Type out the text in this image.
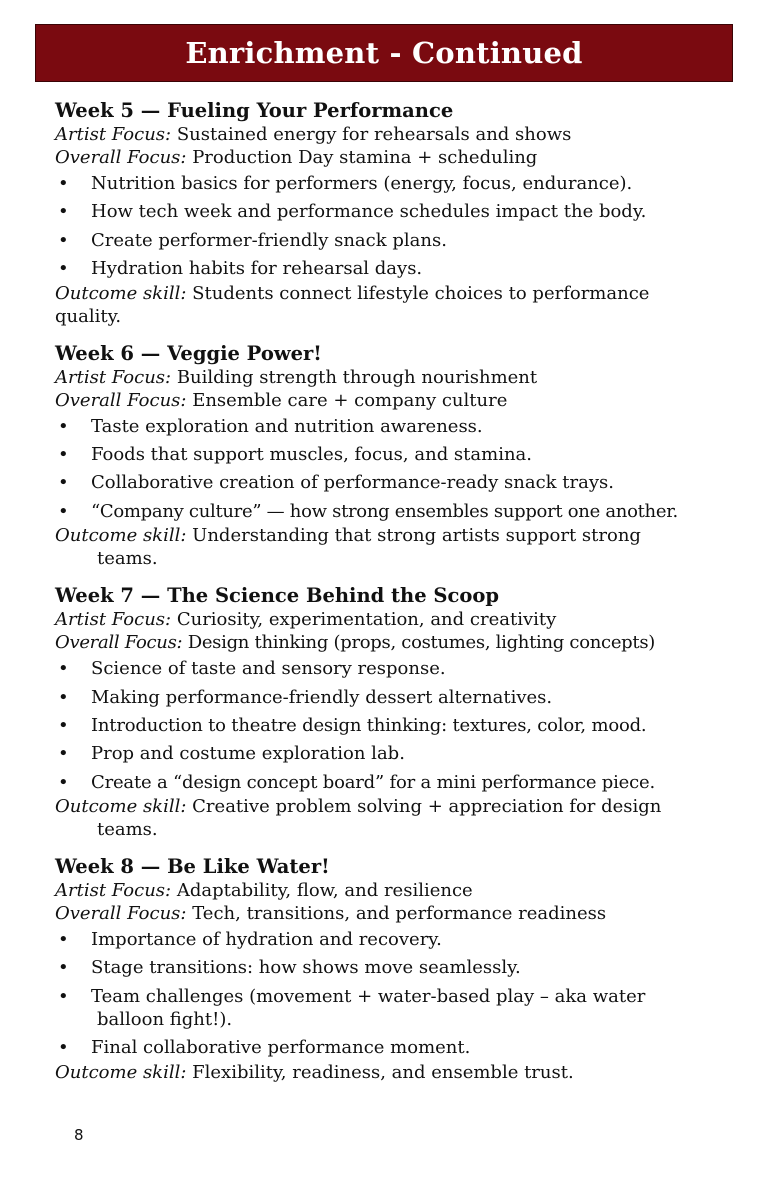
Enrichment - Continued

Week 5 — Fueling Your Performance

Artist Focus: Sustained energy for rehearsals and shows

Overall Focus: Production Day stamina + scheduling

• Nutrition basics for performers (energy, focus, endurance).
• How tech week and performance schedules impact the body.
• Create performer-friendly snack plans.
• Hydration habits for rehearsal days.

Outcome skill: Students connect lifestyle choices to performance
quality.

Week 6 — Veggie Power!

Artist Focus: Building strength through nourishment

Overall Focus: Ensemble care + company culture

• Taste exploration and nutrition awareness.
• Foods that support muscles, focus, and stamina.
• Collaborative creation of performance-ready snack trays.
• “Company culture” — how strong ensembles support one another.

Outcome skill: Understanding that strong artists support strong

teams.

Week 7 — The Science Behind the Scoop

Artist Focus: Curiosity, experimentation, and creativity

Overall Focus: Design thinking (props, costumes, lighting concepts)

• Science of taste and sensory response.
• Making performance-friendly dessert alternatives.
• Introduction to theatre design thinking: textures, color, mood.
• Prop and costume exploration lab.
• Create a “design concept board” for a mini performance piece.

Outcome skill: Creative problem solving + appreciation for design

teams.

Week 8 — Be Like Water!

Artist Focus: Adaptability, flow, and resilience

Overall Focus: Tech, transitions, and performance readiness

• Importance of hydration and recovery.
• Stage transitions: how shows move seamlessly.
• Team challenges (movement + water-based play – aka water
balloon fight!).
• Final collaborative performance moment.

Outcome skill: Flexibility, readiness, and ensemble trust.

8
